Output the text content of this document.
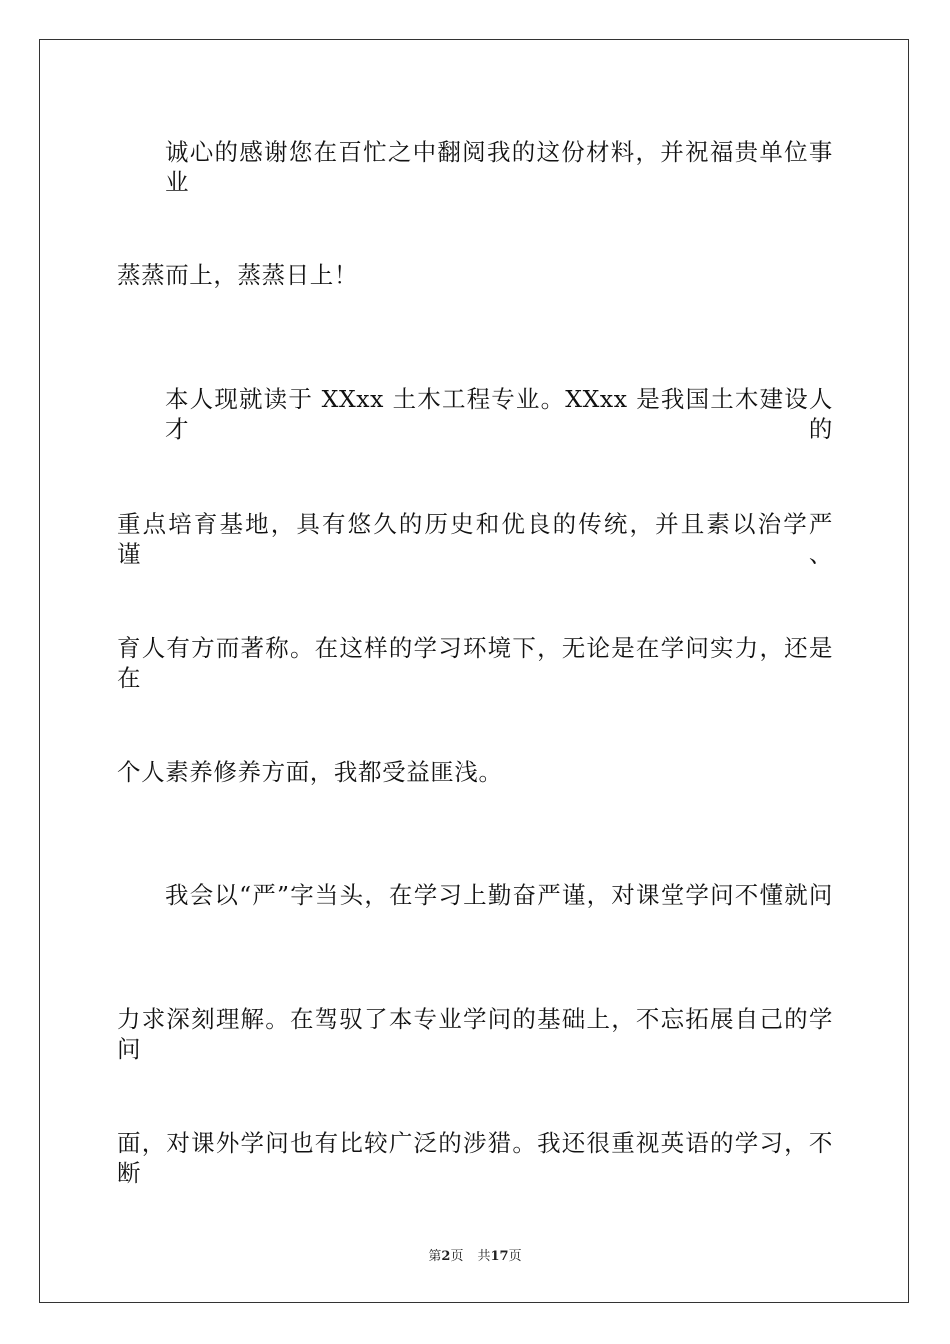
诚心的感谢您在百忙之中翻阅我的这份材料，并祝福贵单位事业
蒸蒸而上，蒸蒸日上！
本人现就读于 XXxx 土木工程专业。XXxx 是我国土木建设人才的
重点培育基地，具有悠久的历史和优良的传统，并且素以治学严谨、
育人有方而著称。在这样的学习环境下，无论是在学问实力，还是在
个人素养修养方面，我都受益匪浅。
我会以“严”字当头，在学习上勤奋严谨，对课堂学问不懂就问
力求深刻理解。在驾驭了本专业学问的基础上，不忘拓展自己的学问
面，对课外学问也有比较广泛的涉猎。我还很重视英语的学习，不断
第2页 共17页
